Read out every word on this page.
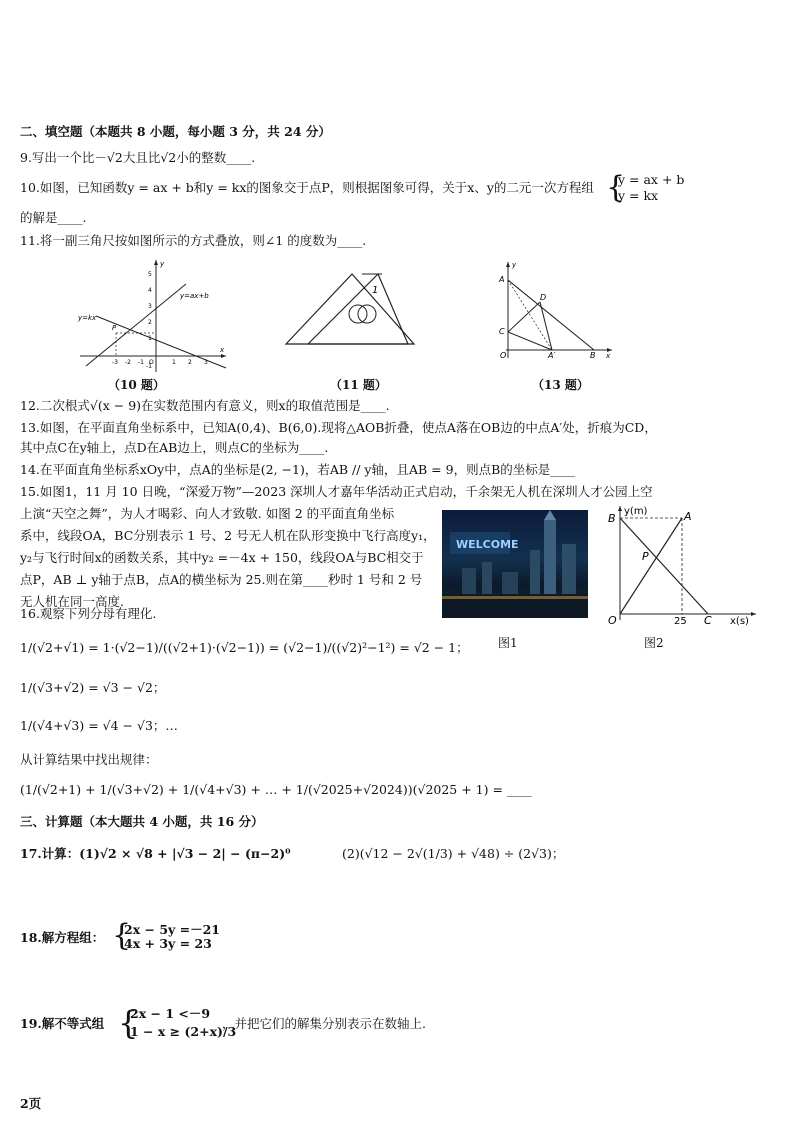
二、填空题（本题共 8 小题，每小题 3 分，共 24 分）
9.写出一个比－√2大且比√2小的整数____.
10.如图，已知函数y = ax + b和y = kx的图象交于点P，则根据图象可得，关于x、y的二元一次方程组 {
y = ax + b
y = kx
的解是____.
11.将一副三角尺按如图所示的方式叠放，则∠1 的度数为____.
5
4
3
2
1
-1
-3 -2 -1 O	1 2 3
y
x
y=ax+b
y=kx
P
（10 题）
1
（11 题）
A
D
C
O	A′	B x
y
（13 题）
12.二次根式√(x − 9)在实数范围内有意义，则x的取值范围是____.
13.如图，在平面直角坐标系中，已知A(0,4)、B(6,0).现将△AOB折叠，使点A落在OB边的中点A′处，折痕为CD，
其中点C在y轴上，点D在AB边上，则点C的坐标为____.
14.在平面直角坐标系xOy中，点A的坐标是(2, −1)，若AB // y轴，且AB = 9，则点B的坐标是____
15.如图1，11 月 10 日晚，“深爱万物”—2023 深圳人才嘉年华活动正式启动，千余架无人机在深圳人才公园上空
上演“天空之舞”，为人才喝彩、向人才致敬. 如图 2 的平面直角坐标
系中，线段OA，BC分别表示 1 号、2 号无人机在队形变换中飞行高度y₁，
y₂与飞行时间x的函数关系，其中y₂ =－4x + 150，线段OA与BC相交于
点P，AB ⊥ y轴于点B，点A的横坐标为 25.则在第____秒时 1 号和 2 号
无人机在同一高度.
WELCOME
图1
B	A
P
O	25 C
y(m)
x(s)
图2
16.观察下列分母有理化.
1/(√2+√1) = 1·(√2−1)/((√2+1)·(√2−1)) = (√2−1)/((√2)²−1²) = √2 − 1；
1/(√3+√2) = √3 − √2；
1/(√4+√3) = √4 − √3；…
从计算结果中找出规律：
(1/(√2+1) + 1/(√3+√2) + 1/(√4+√3) + … + 1/(√2025+√2024))(√2025 + 1) = ____
三、计算题（本大题共 4 小题，共 16 分）
17.计算：(1)√2 × √8 + |√3 − 2| − (π−2)⁰	(2)(√12 − 2√(1/3) + √48) ÷ (2√3)；
18.解方程组： {
2x − 5y =－21
4x + 3y = 23
19.解不等式组 {
2x − 1 <－9
1 − x ≥ (2+x)/3
，并把它们的解集分别表示在数轴上.
2页
